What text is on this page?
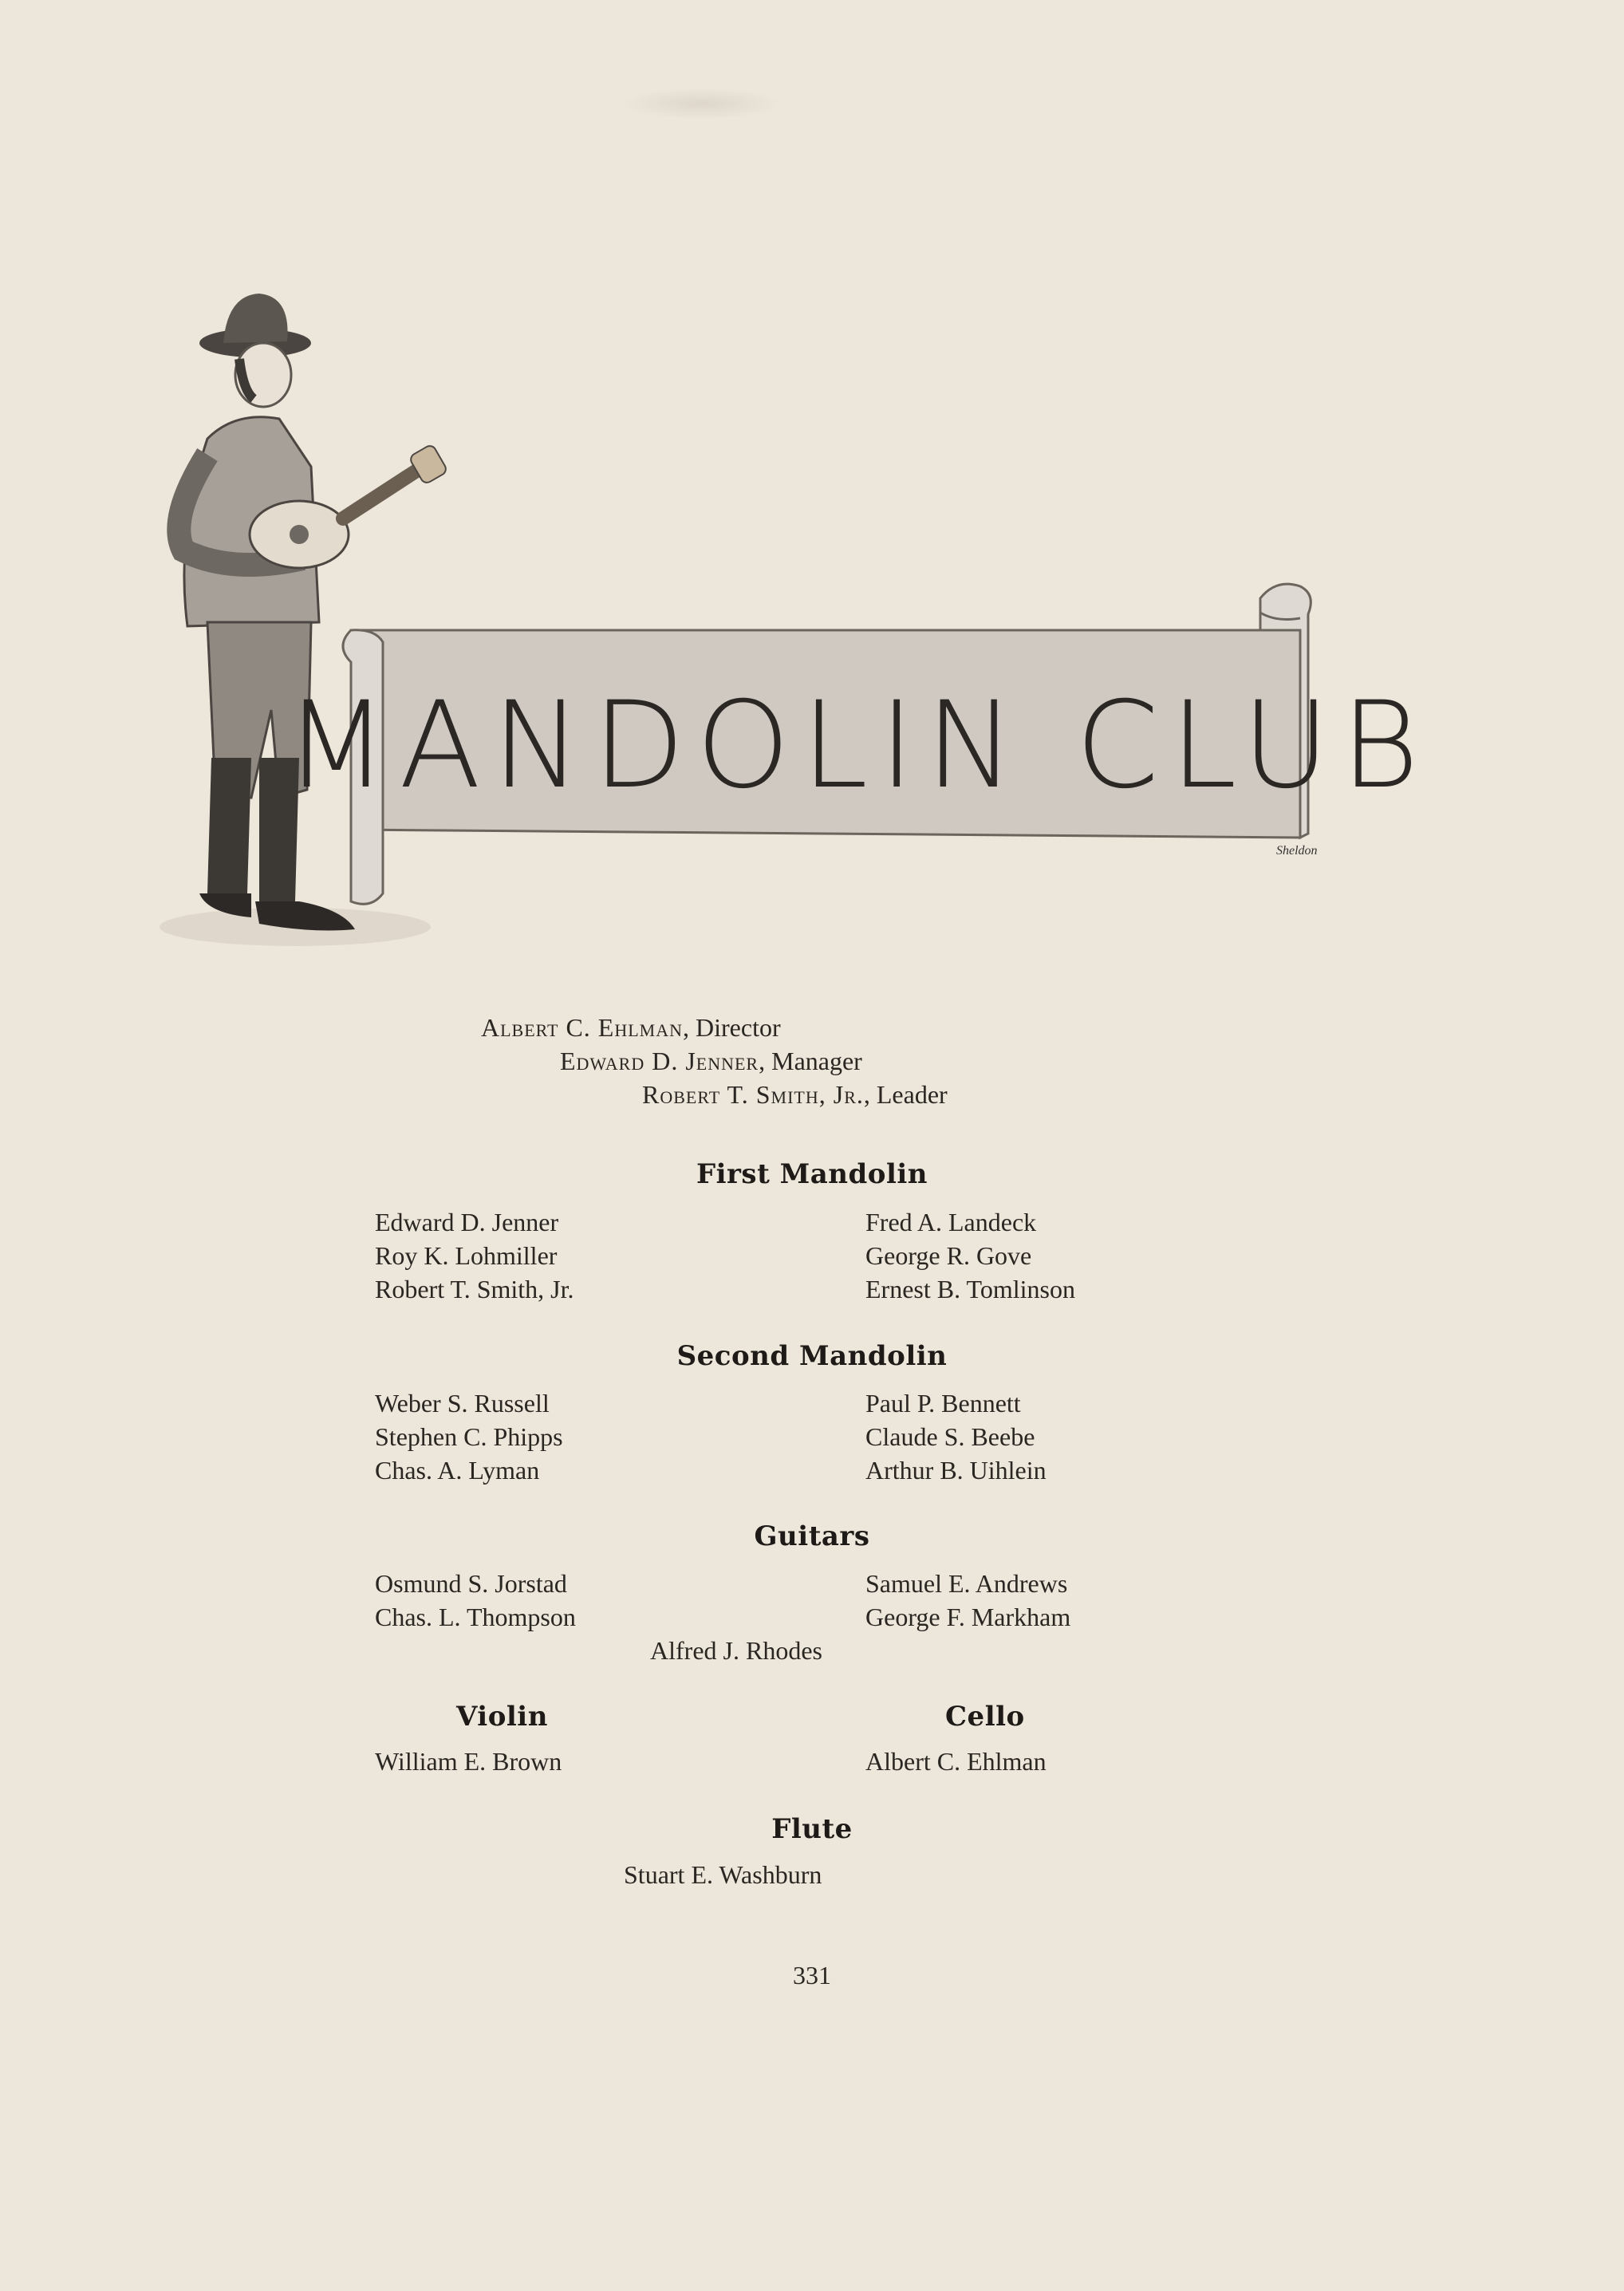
MANDOLIN CLUB
Sheldon
Albert C. Ehlman, Director
Edward D. Jenner, Manager
Robert T. Smith, Jr., Leader
First Mandolin
Edward D. Jenner
Roy K. Lohmiller
Robert T. Smith, Jr.
Fred A. Landeck
George R. Gove
Ernest B. Tomlinson
Second Mandolin
Weber S. Russell
Stephen C. Phipps
Chas. A. Lyman
Paul P. Bennett
Claude S. Beebe
Arthur B. Uihlein
Guitars
Osmund S. Jorstad
Chas. L. Thompson
Samuel E. Andrews
George F. Markham
Alfred J. Rhodes
Violin	Cello
William E. Brown	Albert C. Ehlman
Flute
Stuart E. Washburn
331
